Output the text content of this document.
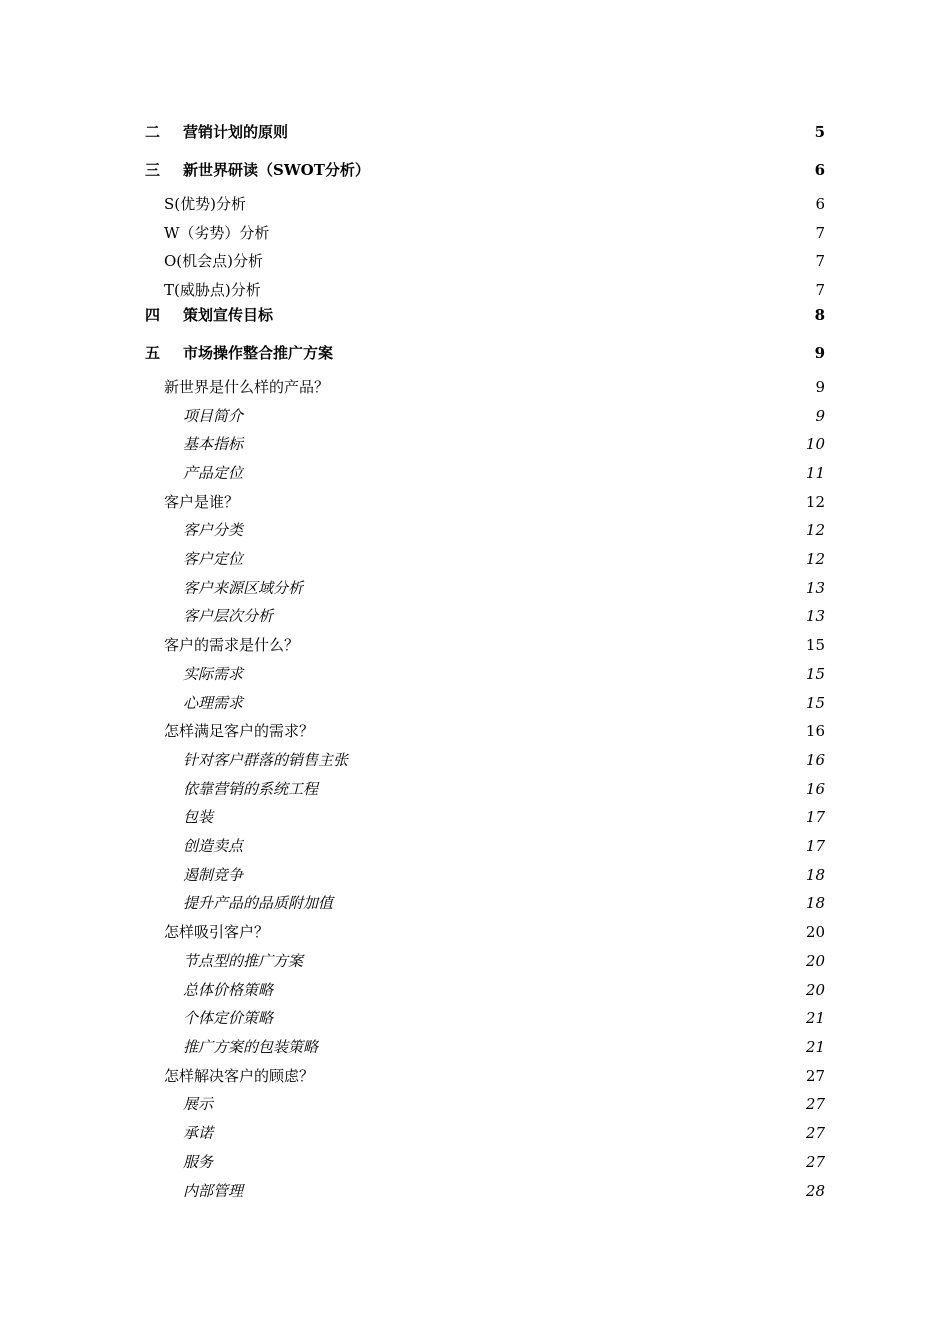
二 营销计划的原则	5
三 新世界研读（SWOT分析）	6
S(优势)分析	6
W（劣势）分析	7
O(机会点)分析	7
T(威胁点)分析	7
四 策划宣传目标	8
五 市场操作整合推广方案	9
新世界是什么样的产品？	9
项目简介	9
基本指标	10
产品定位	11
客户是谁？	12
客户分类	12
客户定位	12
客户来源区域分析	13
客户层次分析	13
客户的需求是什么？	15
实际需求	15
心理需求	15
怎样满足客户的需求？	16
针对客户群落的销售主张	16
依靠营销的系统工程	16
包装	17
创造卖点	17
遏制竞争	18
提升产品的品质附加值	18
怎样吸引客户？	20
节点型的推广方案	20
总体价格策略	20
个体定价策略	21
推广方案的包装策略	21
怎样解决客户的顾虑？	27
展示	27
承诺	27
服务	27
内部管理	28
